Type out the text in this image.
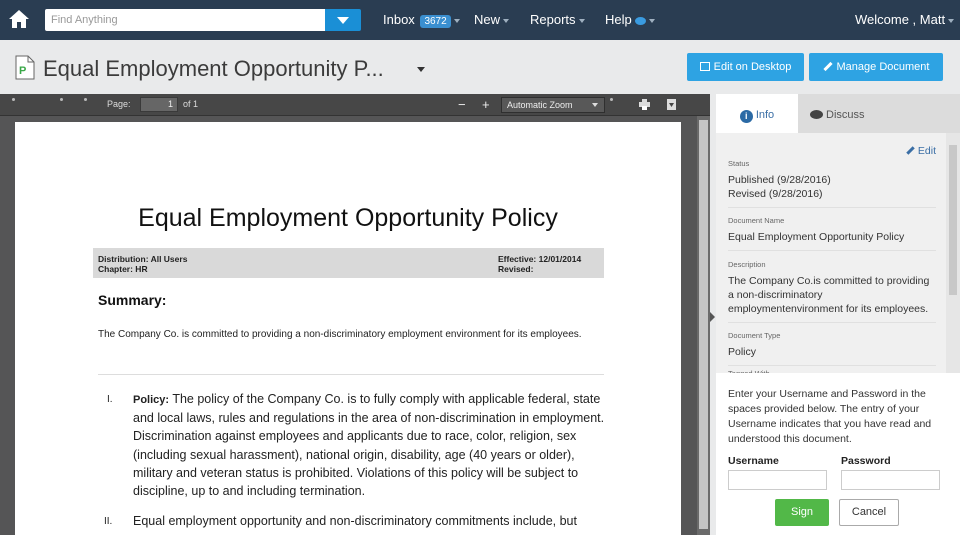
Find Anything
Inbox 3672	New	Reports	Help	Welcome , Matt
P Equal Employment Opportunity P...	Edit on Desktop	Manage Document
Page:	1	of 1	− +	Automatic Zoom
Equal Employment Opportunity Policy
Distribution: All Users
Chapter: HR
Effective: 12/01/2014
Revised:
Summary:
The Company Co. is committed to providing a non-discriminatory employment environment for its employees.
I. Policy: The policy of the Company Co. is to fully comply with applicable federal, state and local laws, rules and regulations in the area of non-discrimination in employment. Discrimination against employees and applicants due to race, color, religion, sex (including sexual harassment), national origin, disability, age (40 years or older), military and veteran status is prohibited. Violations of this policy will be subject to discipline, up to and including termination.
II. Equal employment opportunity and non-discriminatory commitments include, but
i Info	Discuss
Edit
Status
Published (9/28/2016)
Revised (9/28/2016)
Document Name
Equal Employment Opportunity Policy
Description
The Company Co.is committed to providing a non-discriminatory employmentenvironment for its employees.
Document Type
Policy
Enter your Username and Password in the spaces provided below. The entry of your Username indicates that you have read and understood this document.
Username	Password
Sign	Cancel
